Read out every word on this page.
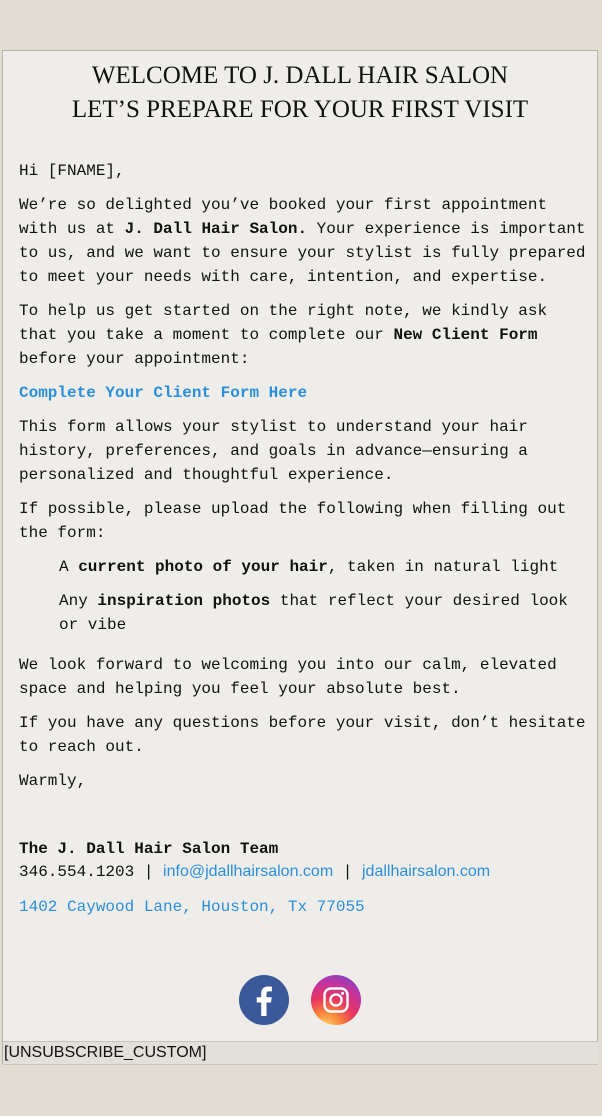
WELCOME TO J. DALL HAIR SALON
LET’S PREPARE FOR YOUR FIRST VISIT

Hi [FNAME],

We’re so delighted you’ve booked your first appointment with us at J. Dall Hair Salon. Your experience is important to us, and we want to ensure your stylist is fully prepared to meet your needs with care, intention, and expertise.

To help us get started on the right note, we kindly ask that you take a moment to complete our New Client Form before your appointment:

Complete Your Client Form Here

This form allows your stylist to understand your hair history, preferences, and goals in advance—ensuring a personalized and thoughtful experience.

If possible, please upload the following when filling out the form:

A current photo of your hair, taken in natural light
Any inspiration photos that reflect your desired look or vibe

We look forward to welcoming you into our calm, elevated space and helping you feel your absolute best.

If you have any questions before your visit, don’t hesitate to reach out.

Warmly,

The J. Dall Hair Salon Team
346.554.1203 | info@jdallhairsalon.com | jdallhairsalon.com
1402 Caywood Lane, Houston, Tx 77055

[UNSUBSCRIBE_CUSTOM]
